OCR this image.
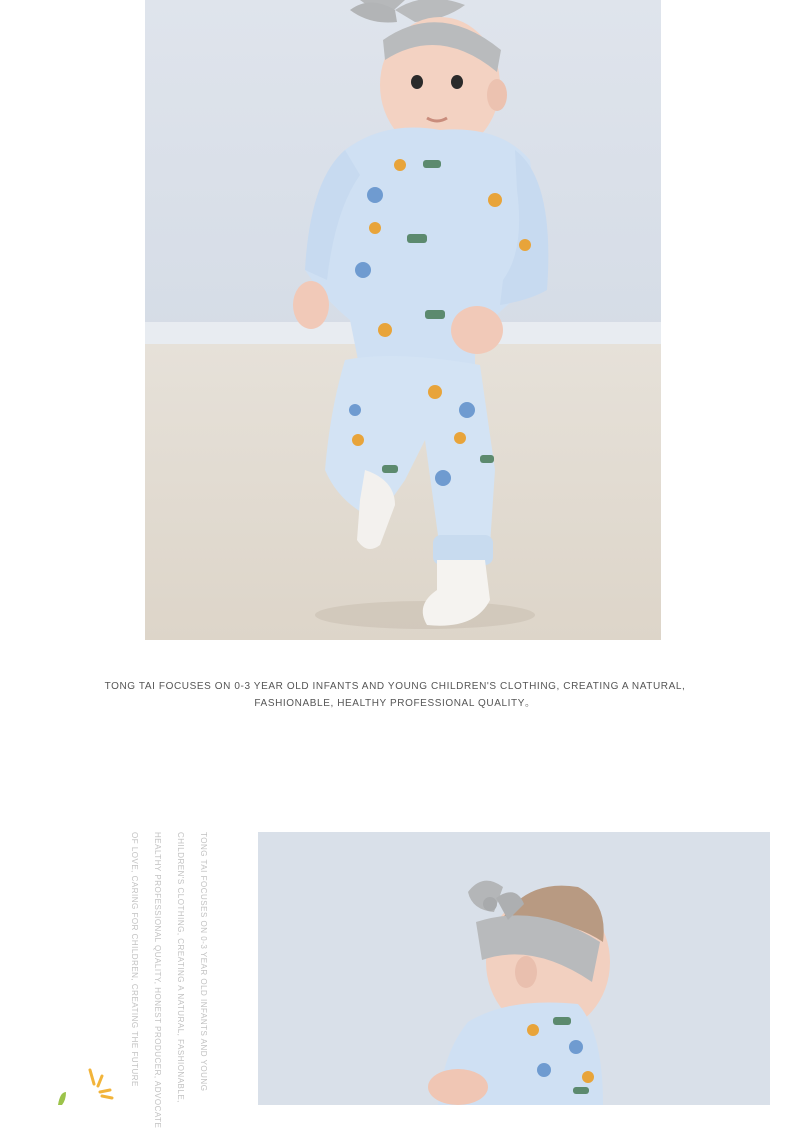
TONG TAI FOCUSES ON 0-3 YEAR OLD INFANTS AND YOUNG CHILDREN'S CLOTHING, CREATING A NATURAL,
FASHIONABLE, HEALTHY PROFESSIONAL QUALITY。
TONG TAI FOCUSES ON 0-3 YEAR OLD INFANTS AND YOUNG
CHILDREN'S CLOTHING, CREATING A NATURAL, FASHIONABLE,
HEALTHY PROFESSIONAL QUALITY, HONEST PRODUCER, ADVOCATE
OF LOVE, CARING FOR CHILDREN, CREATING THE FUTURE
